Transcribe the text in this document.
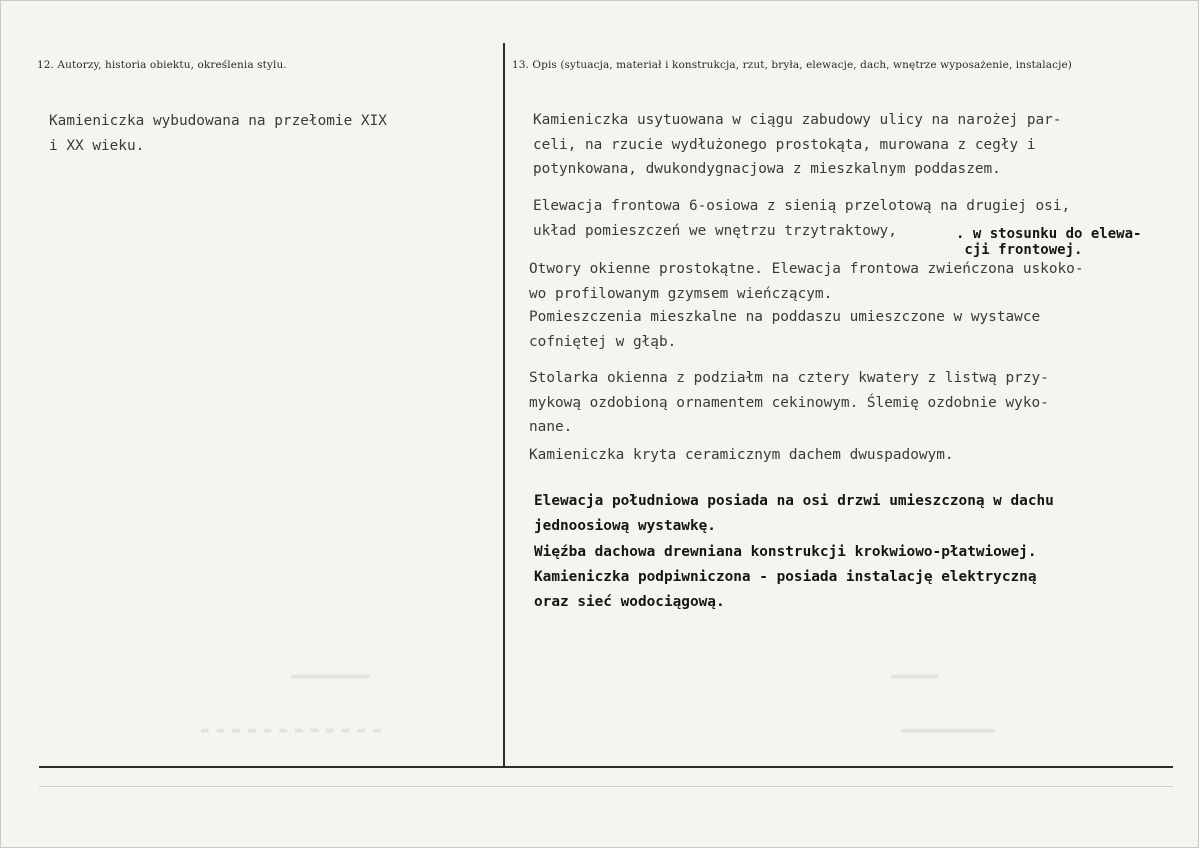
12. Autorzy, historia obiektu, określenia stylu.	13. Opis (sytuacja, materiał i konstrukcja, rzut, bryła, elewacje, dach, wnętrze wyposażenie, instalacje)
Kamieniczka wybudowana na przełomie XIX
i XX wieku.
Kamieniczka usytuowana w ciągu zabudowy ulicy na narożej par-
celi, na rzucie wydłużonego prostokąta, murowana z cegły i
potynkowana, dwukondygnacjowa z mieszkalnym poddaszem.
Elewacja frontowa 6-osiowa z sienią przelotową na drugiej osi,
układ pomieszczeń we wnętrzu trzytraktowy,	. w stosunku do elewa-
cji frontowej.
Otwory okienne prostokątne. Elewacja frontowa zwieńczona uskoko-
wo profilowanym gzymsem wieńczącym.
Pomieszczenia mieszkalne na poddaszu umieszczone w wystawce
cofniętej w głąb.
Stolarka okienna z podziałm na cztery kwatery z listwą przy-
mykową ozdobioną ornamentem cekinowym. Ślemię ozdobnie wyko-
nane.
Kamieniczka kryta ceramicznym dachem dwuspadowym.
Elewacja południowa posiada na osi drzwi umieszczoną w dachu
jednoosiową wystawkę.
Więźba dachowa drewniana konstrukcji krokwiowo-płatwiowej.
Kamieniczka podpiwniczona - posiada instalację elektryczną
oraz sieć wodociągową.
▬▬▬▬▬▬▬▬▬▬
▬ ▬ ▬ ▬ ▬ ▬ ▬ ▬ ▬ ▬ ▬ ▬
▬▬▬▬▬▬
▬▬▬▬▬▬▬▬▬▬▬▬
